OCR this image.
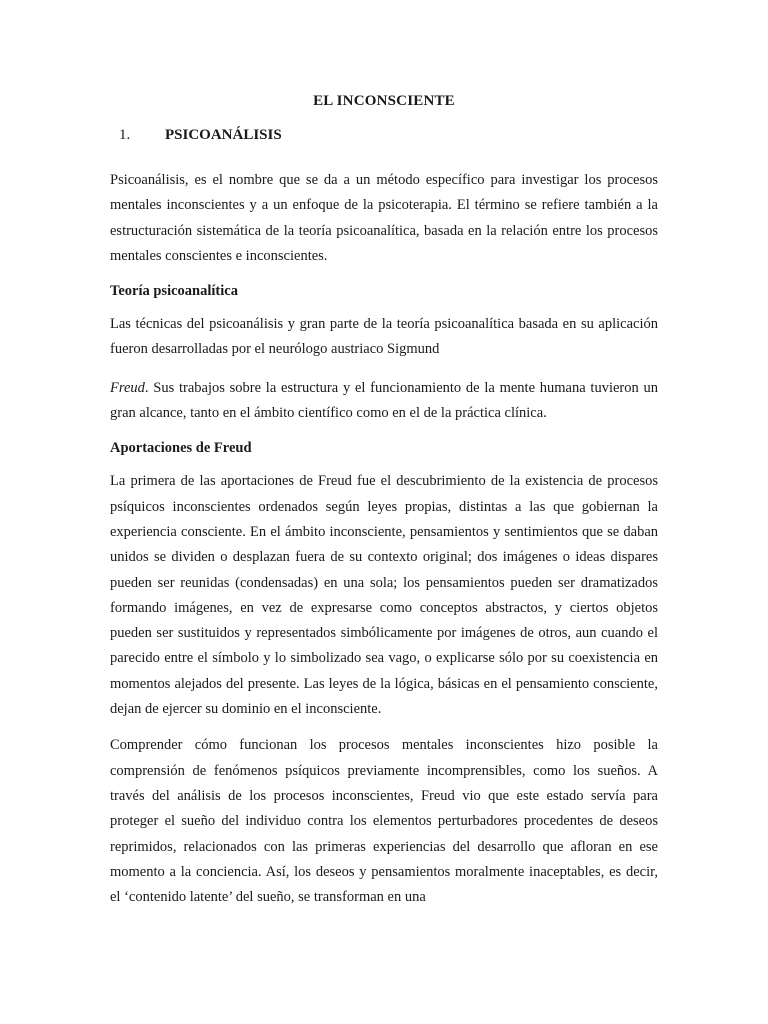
EL INCONSCIENTE
1.	PSICOANÁLISIS

Psicoanálisis, es el nombre que se da a un método específico para investigar los procesos mentales inconscientes y a un enfoque de la psicoterapia. El término se refiere también a la estructuración sistemática de la teoría psicoanalítica, basada en la relación entre los procesos mentales conscientes e inconscientes.

Teoría psicoanalítica

Las técnicas del psicoanálisis y gran parte de la teoría psicoanalítica basada en su aplicación fueron desarrolladas por el neurólogo austriaco Sigmund

Freud. Sus trabajos sobre la estructura y el funcionamiento de la mente humana tuvieron un gran alcance, tanto en el ámbito científico como en el de la práctica clínica.

Aportaciones de Freud

La primera de las aportaciones de Freud fue el descubrimiento de la existencia de procesos psíquicos inconscientes ordenados según leyes propias, distintas a las que gobiernan la experiencia consciente. En el ámbito inconsciente, pensamientos y sentimientos que se daban unidos se dividen o desplazan fuera de su contexto original; dos imágenes o ideas dispares pueden ser reunidas (condensadas) en una sola; los pensamientos pueden ser dramatizados formando imágenes, en vez de expresarse como conceptos abstractos, y ciertos objetos pueden ser sustituidos y representados simbólicamente por imágenes de otros, aun cuando el parecido entre el símbolo y lo simbolizado sea vago, o explicarse sólo por su coexistencia en momentos alejados del presente. Las leyes de la lógica, básicas en el pensamiento consciente, dejan de ejercer su dominio en el inconsciente.

Comprender cómo funcionan los procesos mentales inconscientes hizo posible la comprensión de fenómenos psíquicos previamente incomprensibles, como los sueños. A través del análisis de los procesos inconscientes, Freud vio que este estado servía para proteger el sueño del individuo contra los elementos perturbadores procedentes de deseos reprimidos, relacionados con las primeras experiencias del desarrollo que afloran en ese momento a la conciencia. Así, los deseos y pensamientos moralmente inaceptables, es decir, el ‘contenido latente’ del sueño, se transforman en una
